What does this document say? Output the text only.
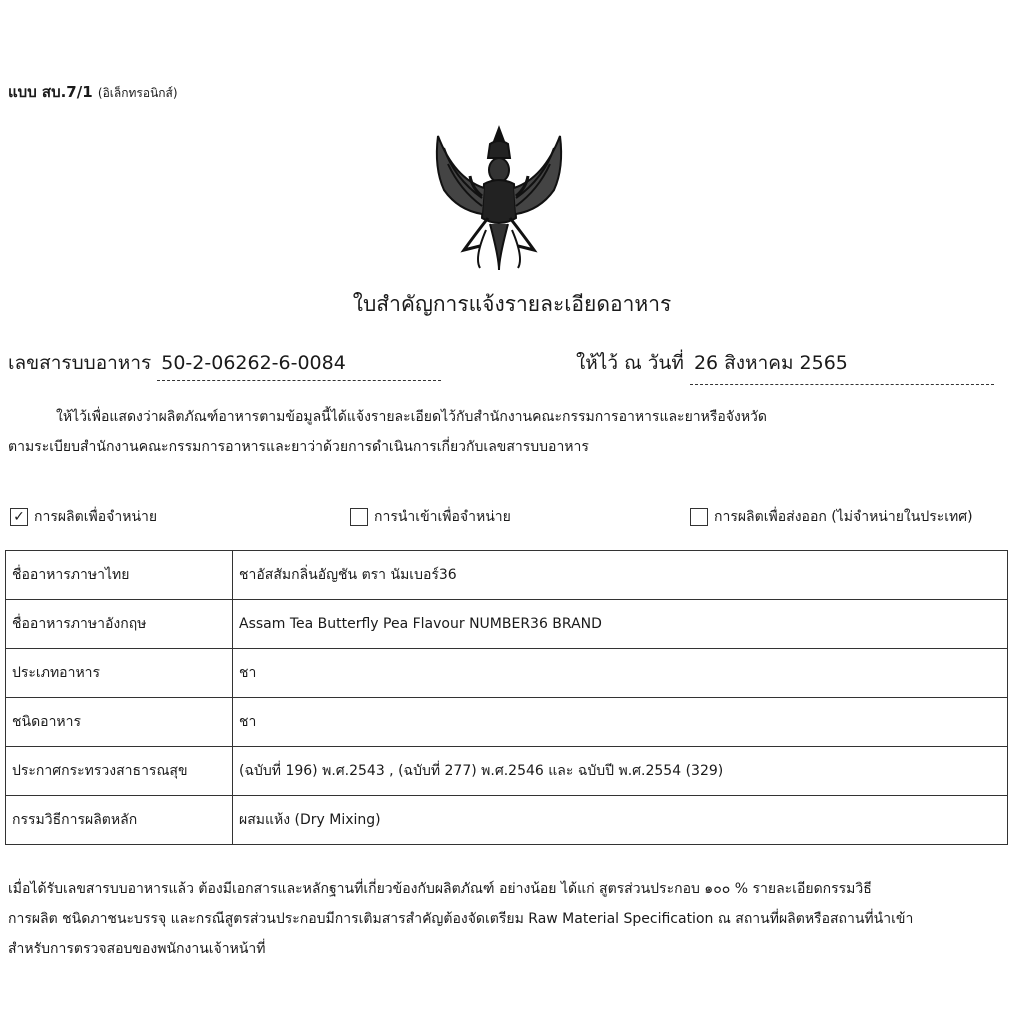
แบบ สบ.7/1 (อิเล็กทรอนิกส์)
ใบสำคัญการแจ้งรายละเอียดอาหาร
เลขสารบบอาหาร 50-2-06262-6-0084	ให้ไว้ ณ วันที่ 26 สิงหาคม 2565

ให้ไว้เพื่อแสดงว่าผลิตภัณฑ์อาหารตามข้อมูลนี้ได้แจ้งรายละเอียดไว้กับสำนักงานคณะกรรมการอาหารและยาหรือจังหวัด

ตามระเบียบสำนักงานคณะกรรมการอาหารและยาว่าด้วยการดำเนินการเกี่ยวกับเลขสารบบอาหาร

✓ การผลิตเพื่อจำหน่าย	การนำเข้าเพื่อจำหน่าย	การผลิตเพื่อส่งออก (ไม่จำหน่ายในประเทศ)
ชื่ออาหารภาษาไทย	ชาอัสสัมกลิ่นอัญชัน ตรา นัมเบอร์36
ชื่ออาหารภาษาอังกฤษ	Assam Tea Butterfly Pea Flavour NUMBER36 BRAND
ประเภทอาหาร	ชา
ชนิดอาหาร	ชา
ประกาศกระทรวงสาธารณสุข	(ฉบับที่ 196) พ.ศ.2543 , (ฉบับที่ 277) พ.ศ.2546 และ ฉบับปี พ.ศ.2554 (329)
กรรมวิธีการผลิตหลัก	ผสมแห้ง (Dry Mixing)
เมื่อได้รับเลขสารบบอาหารแล้ว ต้องมีเอกสารและหลักฐานที่เกี่ยวข้องกับผลิตภัณฑ์ อย่างน้อย ได้แก่ สูตรส่วนประกอบ ๑๐๐ % รายละเอียดกรรมวิธี
การผลิต ชนิดภาชนะบรรจุ และกรณีสูตรส่วนประกอบมีการเติมสารสำคัญต้องจัดเตรียม Raw Material Specification ณ สถานที่ผลิตหรือสถานที่นำเข้า
สำหรับการตรวจสอบของพนักงานเจ้าหน้าที่
